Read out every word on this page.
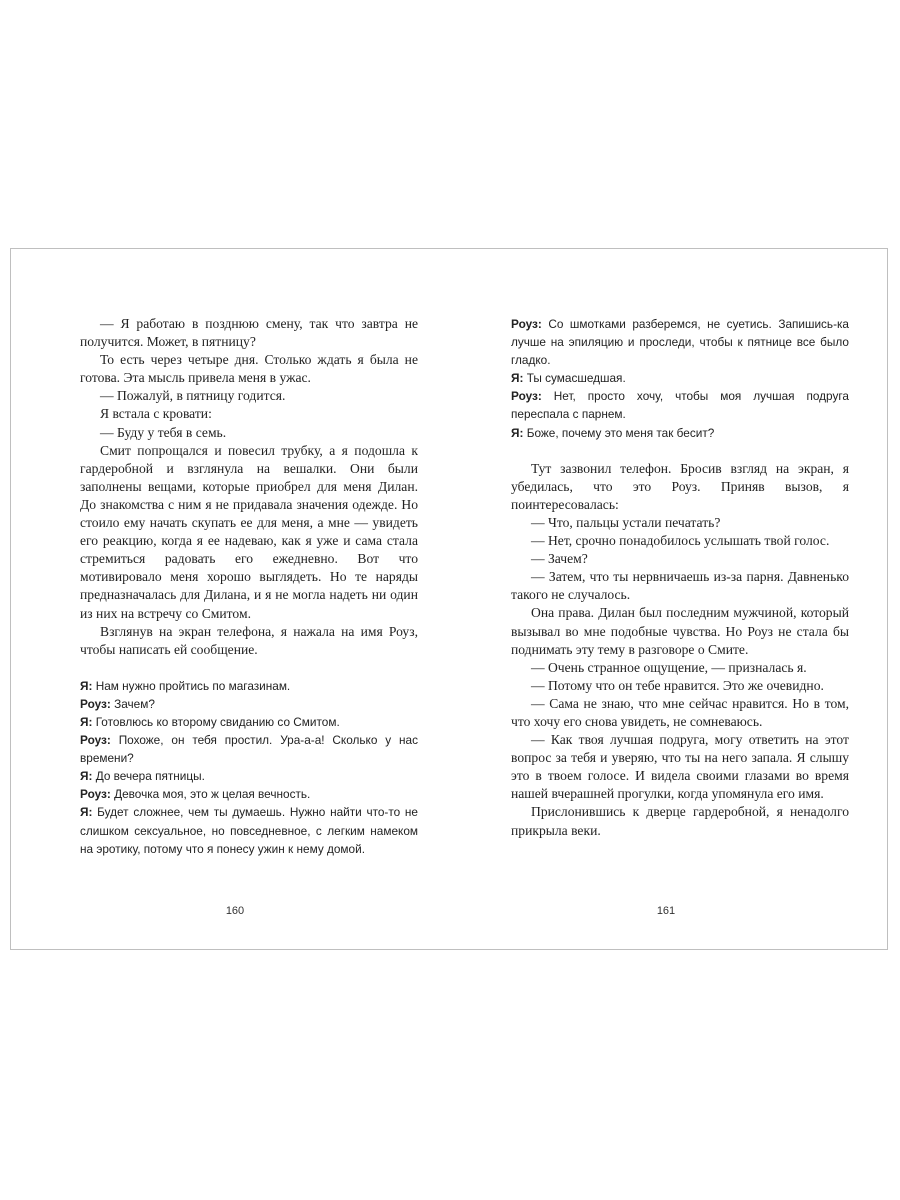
— Я работаю в позднюю смену, так что завтра не получится. Может, в пятницу?

То есть через четыре дня. Столько ждать я была не готова. Эта мысль привела меня в ужас.

— Пожалуй, в пятницу годится.

Я встала с кровати:

— Буду у тебя в семь.

Смит попрощался и повесил трубку, а я подошла к гардеробной и взглянула на вешалки. Они были заполнены вещами, которые приобрел для меня Дилан. До знакомства с ним я не придавала значения одежде. Но стоило ему начать скупать ее для меня, а мне — увидеть его реакцию, когда я ее надеваю, как я уже и сама стала стремиться радовать его ежедневно. Вот что мотивировало меня хорошо выглядеть. Но те наряды предназначалась для Дилана, и я не могла надеть ни один из них на встречу со Смитом.

Взглянув на экран телефона, я нажала на имя Роуз, чтобы написать ей сообщение.

Я: Нам нужно пройтись по магазинам.

Роуз: Зачем?

Я: Готовлюсь ко второму свиданию со Смитом.

Роуз: Похоже, он тебя простил. Ура-а-а! Сколько у нас времени?

Я: До вечера пятницы.

Роуз: Девочка моя, это ж целая вечность.

Я: Будет сложнее, чем ты думаешь. Нужно найти что-то не слишком сексуальное, но повседневное, с легким намеком на эротику, потому что я понесу ужин к нему домой.

Роуз: Со шмотками разберемся, не суетись. Запишись-ка лучше на эпиляцию и проследи, чтобы к пятнице все было гладко.

Я: Ты сумасшедшая.

Роуз: Нет, просто хочу, чтобы моя лучшая подруга переспала с парнем.

Я: Боже, почему это меня так бесит?

Тут зазвонил телефон. Бросив взгляд на экран, я убедилась, что это Роуз. Приняв вызов, я поинтересовалась:

— Что, пальцы устали печатать?

— Нет, срочно понадобилось услышать твой голос.

— Зачем?

— Затем, что ты нервничаешь из-за парня. Давненько такого не случалось.

Она права. Дилан был последним мужчиной, который вызывал во мне подобные чувства. Но Роуз не стала бы поднимать эту тему в разговоре о Смите.

— Очень странное ощущение, — призналась я.

— Потому что он тебе нравится. Это же очевидно.

— Сама не знаю, что мне сейчас нравится. Но в том, что хочу его снова увидеть, не сомневаюсь.

— Как твоя лучшая подруга, могу ответить на этот вопрос за тебя и уверяю, что ты на него запала. Я слышу это в твоем голосе. И видела своими глазами во время нашей вчерашней прогулки, когда упомянула его имя.

Прислонившись к дверце гардеробной, я ненадолго прикрыла веки.

160	161
